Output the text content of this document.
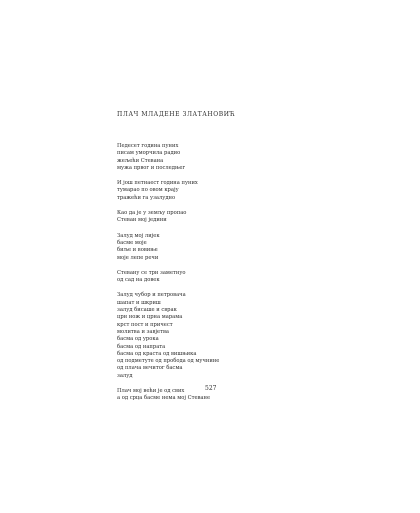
ПЛАЧ МЛАДЕНЕ ЗЛАТАНОВИЋ
Педесет година пуних
писам уморчила радио
жељећи Стевана
мужа првог и последњег
И још петнаест година пуних
тумарао по овом крају
тражећи га узалудно
Као да је у земљу пропао
Стеван мој једини
Залуд мој лијек
басме моје
биље и вовиње
моје лепе речи
Стевану се трн заметнуо
од сад на довек
Залуд чубор и петровача
шапат и шкриш
залуд бисаше и сврак
црн нож и црна марама
крст пост и причест
молитва и завјетва
басма од урока
басма од напрата
басма од краста од вишњика
од подметуте од пробода од мучнине
од плача вечитог басма
залуд
Плач мој већи је од свих
а од срца басме нема мој Стеване
527
